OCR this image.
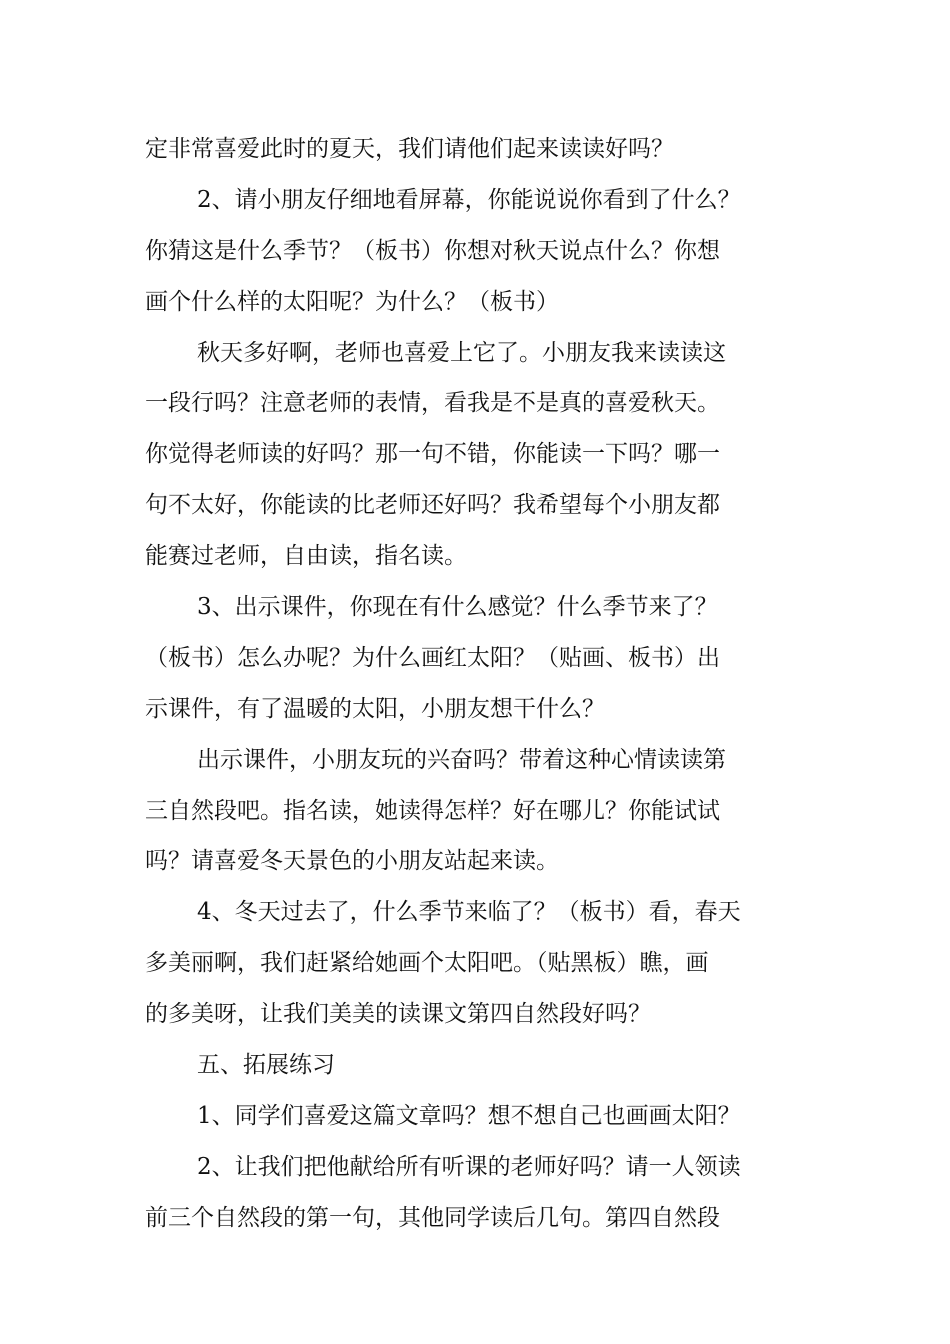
定非常喜爱此时的夏天，我们请他们起来读读好吗？
2、请小朋友仔细地看屏幕，你能说说你看到了什么？
你猜这是什么季节？（板书）你想对秋天说点什么？你想
画个什么样的太阳呢？为什么？（板书）
秋天多好啊，老师也喜爱上它了。小朋友我来读读这
一段行吗？注意老师的表情，看我是不是真的喜爱秋天。
你觉得老师读的好吗？那一句不错，你能读一下吗？哪一
句不太好，你能读的比老师还好吗？我希望每个小朋友都
能赛过老师，自由读，指名读。
3、出示课件，你现在有什么感觉？什么季节来了？
（板书）怎么办呢？为什么画红太阳？（贴画、板书）出
示课件，有了温暖的太阳，小朋友想干什么？
出示课件，小朋友玩的兴奋吗？带着这种心情读读第
三自然段吧。指名读，她读得怎样？好在哪儿？你能试试
吗？请喜爱冬天景色的小朋友站起来读。
4、冬天过去了，什么季节来临了？（板书）看，春天
多美丽啊，我们赶紧给她画个太阳吧。（贴黑板）瞧，画
的多美呀，让我们美美的读课文第四自然段好吗？
五、拓展练习
1、同学们喜爱这篇文章吗？想不想自己也画画太阳？
2、让我们把他献给所有听课的老师好吗？请一人领读
前三个自然段的第一句，其他同学读后几句。第四自然段
